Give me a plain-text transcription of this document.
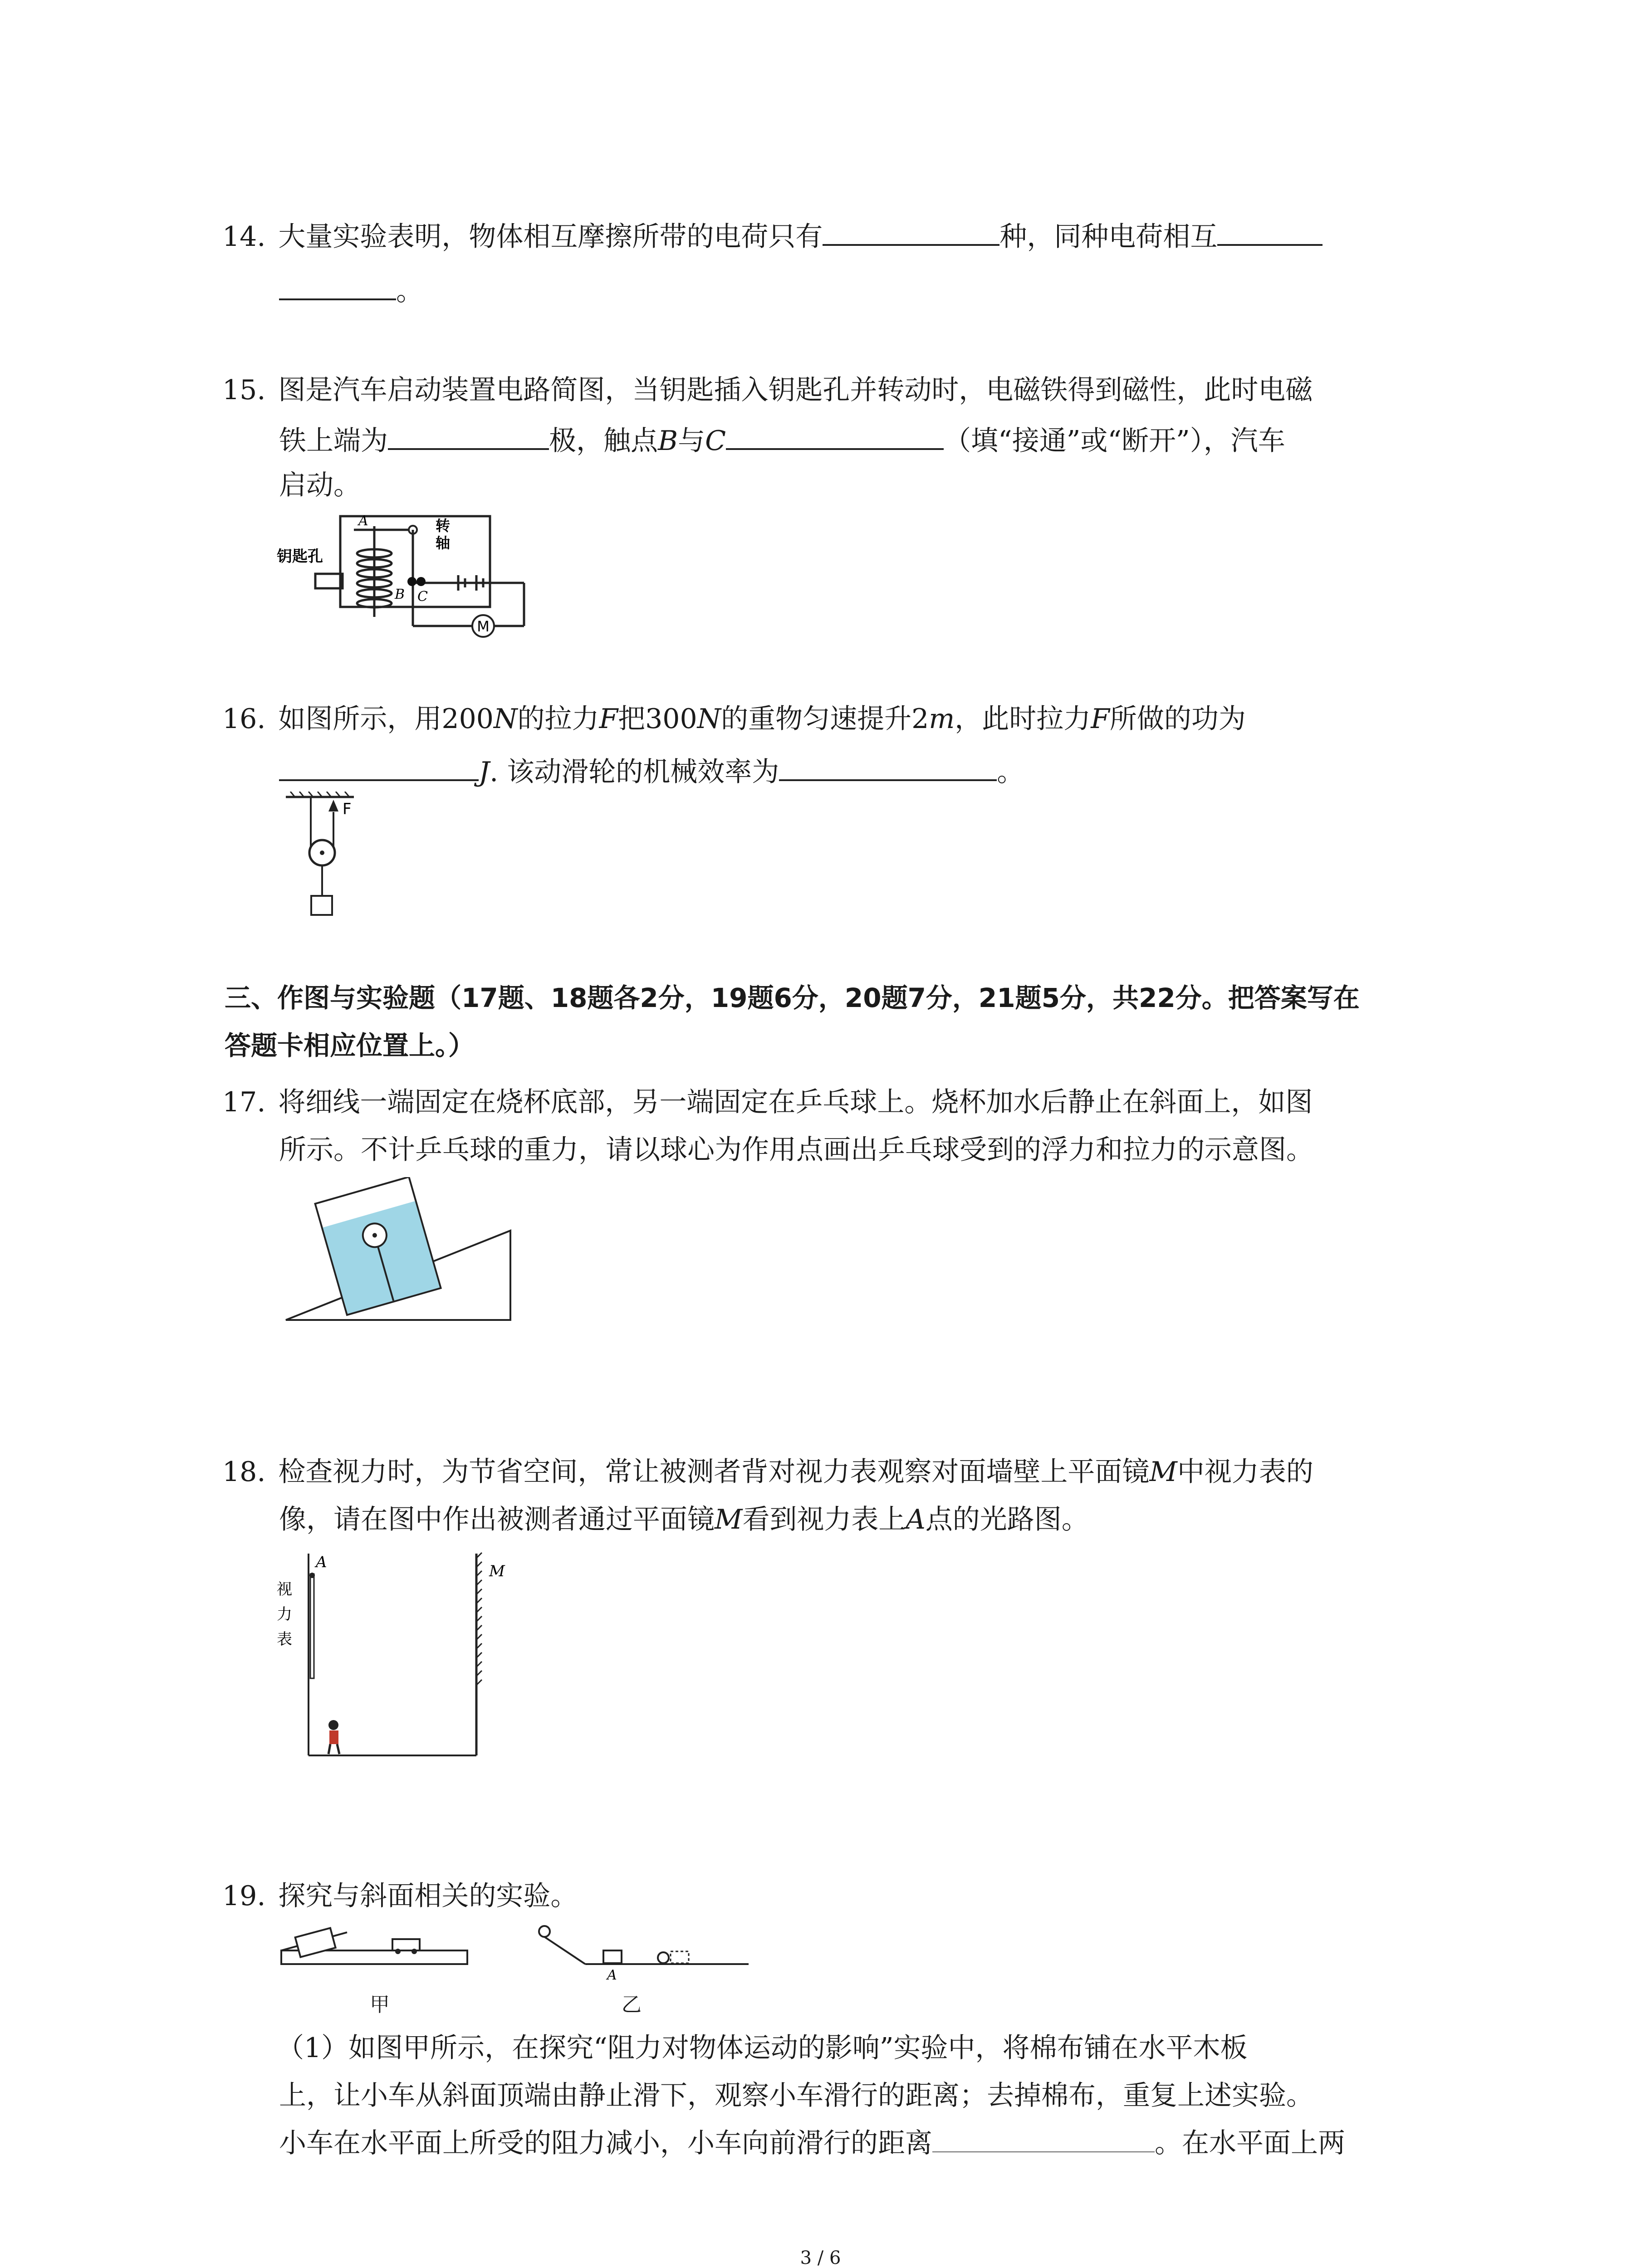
14. 大量实验表明，物体相互摩擦所带的电荷只有	种，同种电荷相互
。
15. 图是汽车启动装置电路简图，当钥匙插入钥匙孔并转动时，电磁铁得到磁性，此时电磁
铁上端为	极，触点B与C	（填“接通”或“断开”），汽车
启动。
M
钥匙孔
A
B C
转
轴
16. 如图所示，用200N的拉力F把300N的重物匀速提升2m，此时拉力F所做的功为
J. 该动滑轮的机械效率为	。
F
三、作图与实验题（17题、18题各2分，19题6分，20题7分，21题5分，共22分。把答案写在
答题卡相应位置上。）
17. 将细线一端固定在烧杯底部，另一端固定在乒乓球上。烧杯加水后静止在斜面上，如图
所示。不计乒乓球的重力，请以球心为作用点画出乒乓球受到的浮力和拉力的示意图。
18. 检查视力时，为节省空间，常让被测者背对视力表观察对面墙壁上平面镜M中视力表的
像，请在图中作出被测者通过平面镜M看到视力表上A点的光路图。
A	M
视
力
表
19. 探究与斜面相关的实验。
甲
A
乙
（1）如图甲所示，在探究“阻力对物体运动的影响”实验中，将棉布铺在水平木板
上，让小车从斜面顶端由静止滑下，观察小车滑行的距离；去掉棉布，重复上述实验。
小车在水平面上所受的阻力减小，小车向前滑行的距离	。在水平面上两
3 / 6
